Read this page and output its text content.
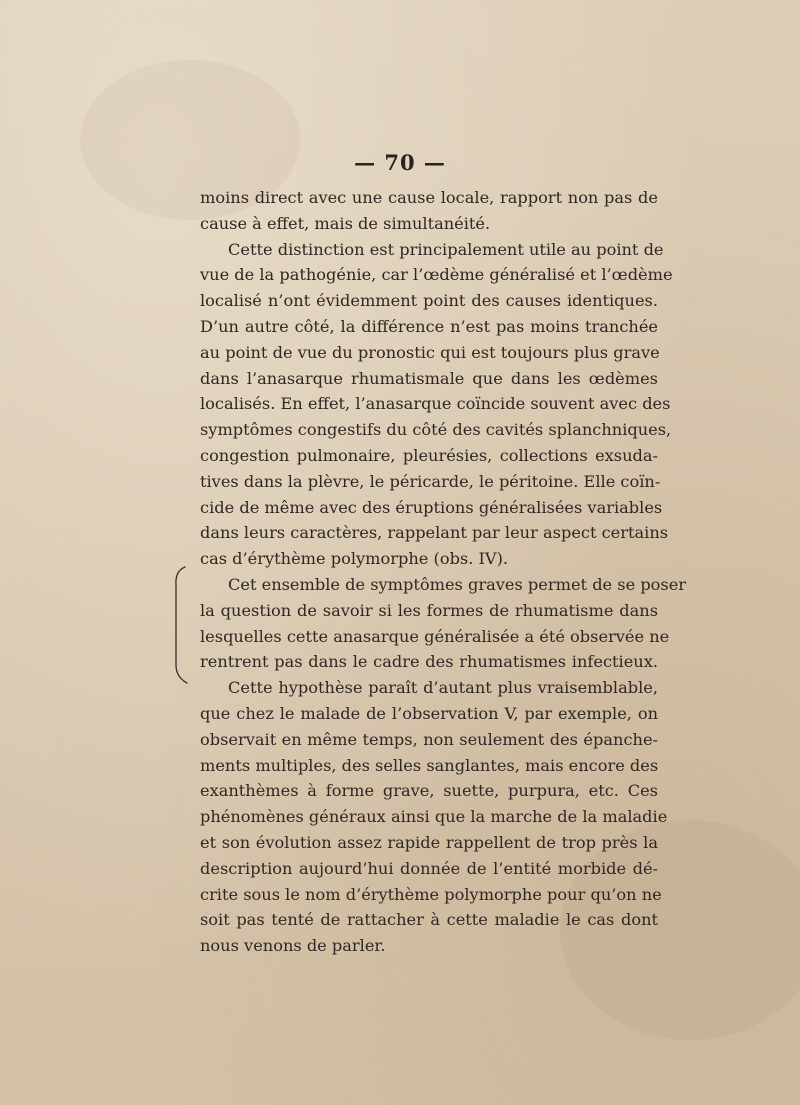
— 70 —
moins direct avec une cause locale, rapport non pas de
cause à effet, mais de simultanéité.
Cette distinction est principalement utile au point de
vue de la pathogénie, car l’œdème généralisé et l’œdème
localisé n’ont évidemment point des causes identiques.
D’un autre côté, la différence n’est pas moins tranchée
au point de vue du pronostic qui est toujours plus grave
dans l’anasarque rhumatismale que dans les œdèmes
localisés. En effet, l’anasarque coïncide souvent avec des
symptômes congestifs du côté des cavités splanchniques,
congestion pulmonaire, pleurésies, collections exsuda-
tives dans la plèvre, le péricarde, le péritoine. Elle coïn-
cide de même avec des éruptions généralisées variables
dans leurs caractères, rappelant par leur aspect certains
cas d’érythème polymorphe (obs. IV).
Cet ensemble de symptômes graves permet de se poser
la question de savoir si les formes de rhumatisme dans
lesquelles cette anasarque généralisée a été observée ne
rentrent pas dans le cadre des rhumatismes infectieux.
Cette hypothèse paraît d’autant plus vraisemblable,
que chez le malade de l’observation V, par exemple, on
observait en même temps, non seulement des épanche-
ments multiples, des selles sanglantes, mais encore des
exanthèmes à forme grave, suette, purpura, etc. Ces
phénomènes généraux ainsi que la marche de la maladie
et son évolution assez rapide rappellent de trop près la
description aujourd’hui donnée de l’entité morbide dé-
crite sous le nom d’érythème polymorphe pour qu’on ne
soit pas tenté de rattacher à cette maladie le cas dont
nous venons de parler.
